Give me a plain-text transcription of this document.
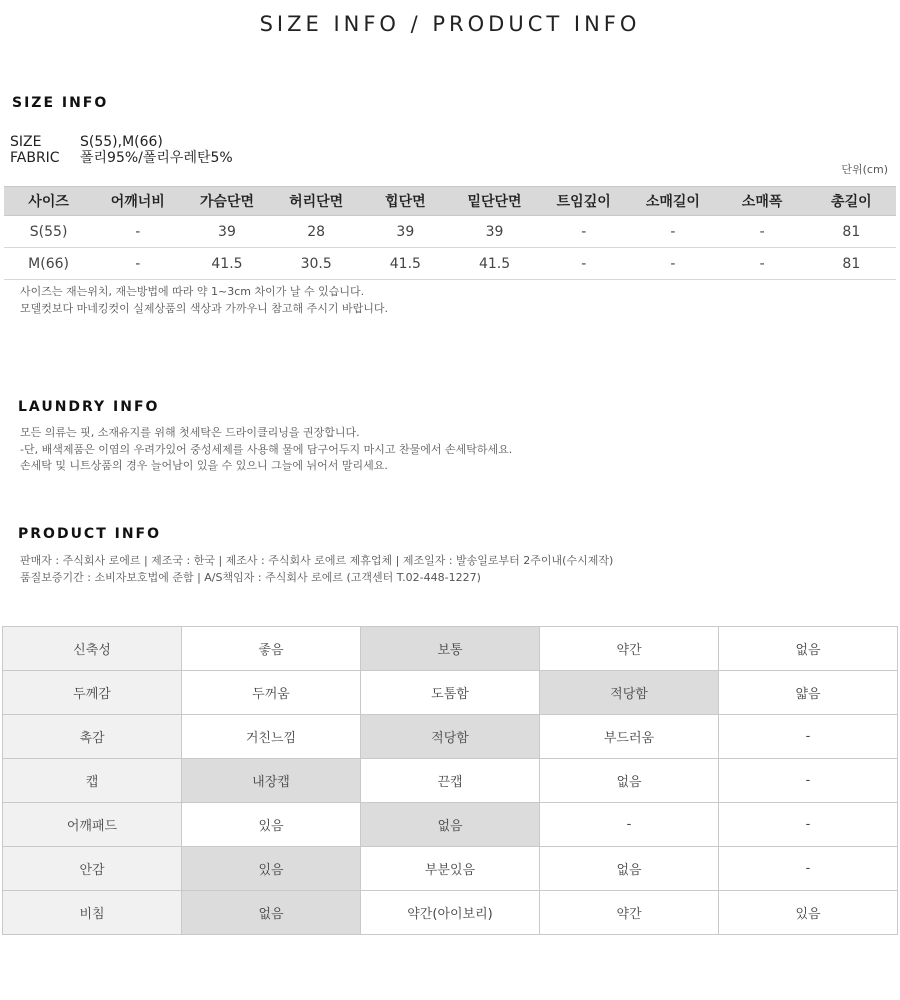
SIZE INFO / PRODUCT INFO
SIZE INFO
SIZE	S(55),M(66)
FABRIC 폴리95%/폴리우레탄5%
단위(cm)
사이즈	어깨너비	가슴단면	허리단면	힙단면	밑단단면	트임깊이	소매길이	소매폭	총길이
S(55)	-	39	28	39	39	-	-	-	81
M(66)	-	41.5	30.5	41.5	41.5	-	-	-	81
사이즈는 재는위치, 재는방법에 따라 약 1~3cm 차이가 날 수 있습니다.
모델컷보다 마네킹컷이 실제상품의 색상과 가까우니 참고해 주시기 바랍니다.
LAUNDRY INFO
모든 의류는 핏, 소재유지를 위해 첫세탁은 드라이클리닝을 권장합니다.
-단, 배색제품은 이염의 우려가있어 중성세제를 사용해 물에 담구어두지 마시고 찬물에서 손세탁하세요.
손세탁 및 니트상품의 경우 늘어남이 있을 수 있으니 그늘에 뉘어서 말리세요.
PRODUCT INFO
판매자 : 주식회사 로에르 | 제조국 : 한국 | 제조사 : 주식회사 로에르 제휴업체 | 제조일자 : 발송일로부터 2주이내(수시제작)
품질보증기간 : 소비자보호법에 준함 | A/S책임자 : 주식회사 로에르 (고객센터 T.02-448-1227)
신축성	좋음	보통	약간	없음
두께감	두꺼움	도톰함	적당함	얇음
촉감	거친느낌	적당함	부드러움	-
캡	내장캡	끈캡	없음	-
어깨패드	있음	없음	-	-
안감	있음	부분있음	없음	-
비침	없음	약간(아이보리)	약간	있음
